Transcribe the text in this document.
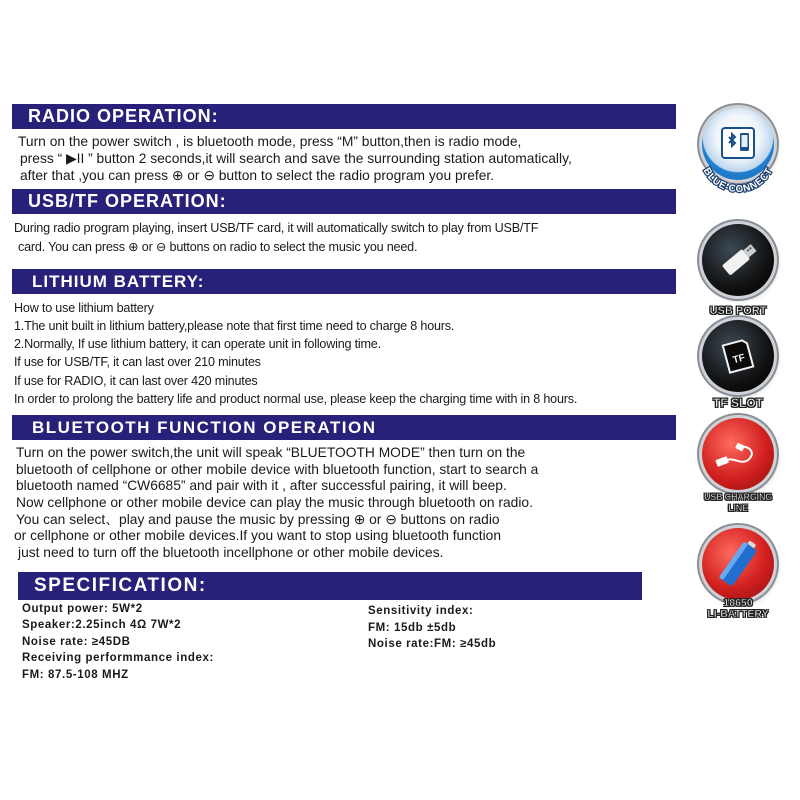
RADIO OPERATION:
Turn on the power switch , is bluetooth mode, press “M” button,then is radio mode,
press “ ▶II ” button 2 seconds,it will search and save the surrounding station automatically,
after that ,you can press ⊕ or ⊖ button to select the radio program you prefer.
USB/TF OPERATION:
During radio program playing, insert USB/TF card, it will automatically switch to play from USB/TF
card. You can press ⊕ or ⊖ buttons on radio to select the music you need.
LITHIUM BATTERY:
How to use lithium battery
1.The unit built in lithium battery,please note that first time need to charge 8 hours.
2.Normally, If use lithium battery, it can operate unit in following time.
If use for USB/TF, it can last over 210 minutes
If use for RADIO, it can last over 420 minutes
In order to prolong the battery life and product normal use, please keep the charging time with in 8 hours.
BLUETOOTH FUNCTION OPERATION
Turn on the power switch,the unit will speak “BLUETOOTH MODE” then turn on the
bluetooth of cellphone or other mobile device with bluetooth function, start to search a
bluetooth named “CW6685” and pair with it , after successful pairing, it will beep.
Now cellphone or other mobile device can play the music through bluetooth on radio.
You can select、play and pause the music by pressing ⊕ or ⊖ buttons on radio
or cellphone or other mobile devices.If you want to stop using bluetooth function
just need to turn off the bluetooth incellphone or other mobile devices.
SPECIFICATION:
Output power: 5W*2
Speaker:2.25inch 4Ω 7W*2
Noise rate: ≥45DB
Receiving performmance index:
FM: 87.5-108 MHZ
Sensitivity index:
FM: 15db ±5db
Noise rate:FM: ≥45db
BLUE-CONNECT
USB PORT
TF
TF SLOT
USB CHARGING
LINE
18650
LI-BATTERY
